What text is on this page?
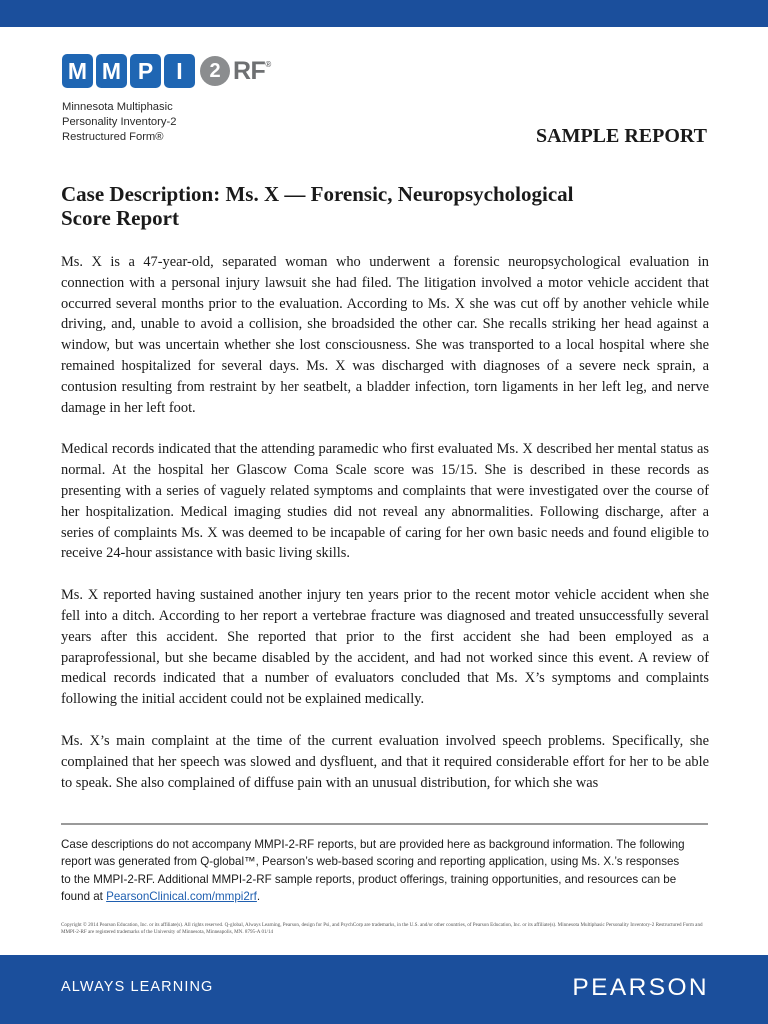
M M P	I	2 RF®
Minnesota Multiphasic
Personality Inventory-2
Restructured Form®	SAMPLE REPORT
Case Description: Ms. X — Forensic, Neuropsychological Score Report

Ms. X is a 47-year-old, separated woman who underwent a forensic neuropsychological evaluation in connection with a personal injury lawsuit she had filed. The litigation involved a motor vehicle accident that occurred several months prior to the evaluation. According to Ms. X she was cut off by another vehicle while driving, and, unable to avoid a collision, she broadsided the other car. She recalls striking her head against a window, but was uncertain whether she lost consciousness. She was transported to a local hospital where she remained hospitalized for several days. Ms. X was discharged with diagnoses of a severe neck sprain, a contusion resulting from restraint by her seatbelt, a bladder infection, torn ligaments in her left leg, and nerve damage in her left foot.

Medical records indicated that the attending paramedic who first evaluated Ms. X described her mental status as normal. At the hospital her Glascow Coma Scale score was 15/15. She is described in these records as presenting with a series of vaguely related symptoms and complaints that were investigated over the course of her hospitalization. Medical imaging studies did not reveal any abnormalities. Following discharge, after a series of complaints Ms. X was deemed to be incapable of caring for her own basic needs and found eligible to receive 24-hour assistance with basic living skills.

Ms. X reported having sustained another injury ten years prior to the recent motor vehicle accident when she fell into a ditch. According to her report a vertebrae fracture was diagnosed and treated unsuccessfully several years after this accident. She reported that prior to the first accident she had been employed as a paraprofessional, but she became disabled by the accident, and had not worked since this event. A review of medical records indicated that a number of evaluators concluded that Ms. X’s symptoms and complaints following the initial accident could not be explained medically.

Ms. X’s main complaint at the time of the current evaluation involved speech problems. Specifically, she complained that her speech was slowed and dysfluent, and that it required considerable effort for her to be able to speak. She also complained of diffuse pain with an unusual distribution, for which she was

Case descriptions do not accompany MMPI-2-RF reports, but are provided here as background information. The following report was generated from Q-global™, Pearson’s web-based scoring and reporting application, using Ms. X.’s responses to the MMPI-2-RF. Additional MMPI-2-RF sample reports, product offerings, training opportunities, and resources can be found at PearsonClinical.com/mmpi2rf.
Copyright © 2014 Pearson Education, Inc. or its affiliate(s). All rights reserved. Q-global, Always Learning, Pearson, design for Psi, and PsychCorp are trademarks, in the U.S. and/or other countries, of Pearson Education, Inc. or its affiliate(s). Minnesota Multiphasic Personality Inventory-2 Restructured Form and MMPI-2-RF are registered trademarks of the University of Minnesota, Minneapolis, MN. 8795-A 01/14
ALWAYS LEARNING	PEARSON
